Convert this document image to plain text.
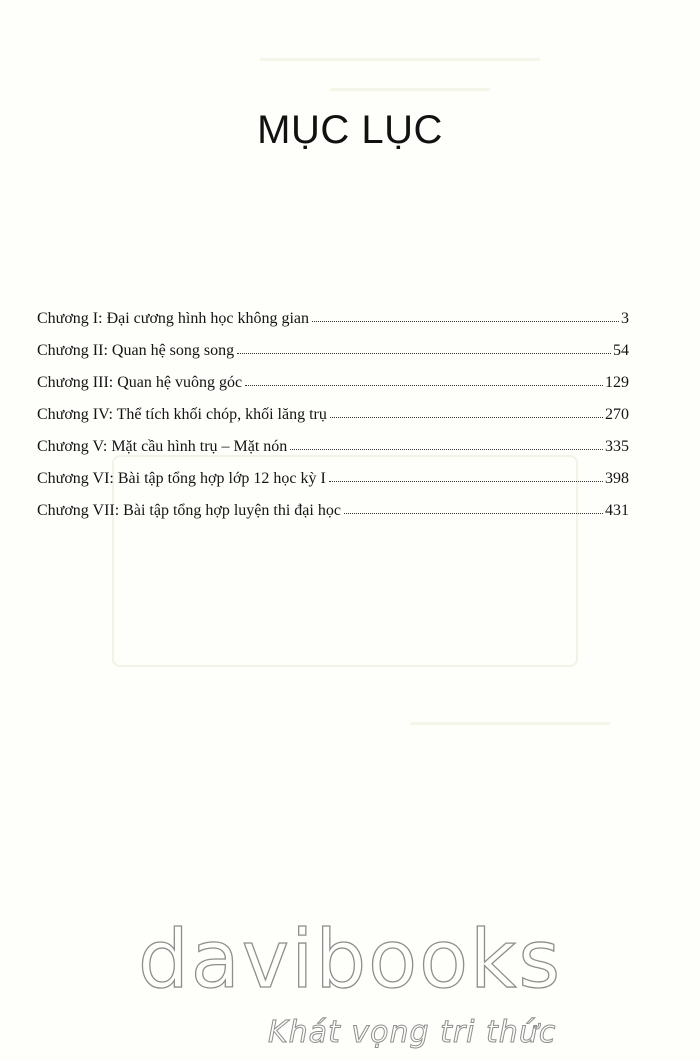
MỤC LỤC
Chương I: Đại cương hình học không gian	3
Chương II: Quan hệ song song	54
Chương III: Quan hệ vuông góc	129
Chương IV: Thể tích khối chóp, khối lăng trụ	270
Chương V: Mặt cầu hình trụ – Mặt nón	335
Chương VI: Bài tập tổng hợp lớp 12 học kỳ I	398
Chương VII: Bài tập tổng hợp luyện thi đại học	431
davibooks
Khát vọng tri thức
